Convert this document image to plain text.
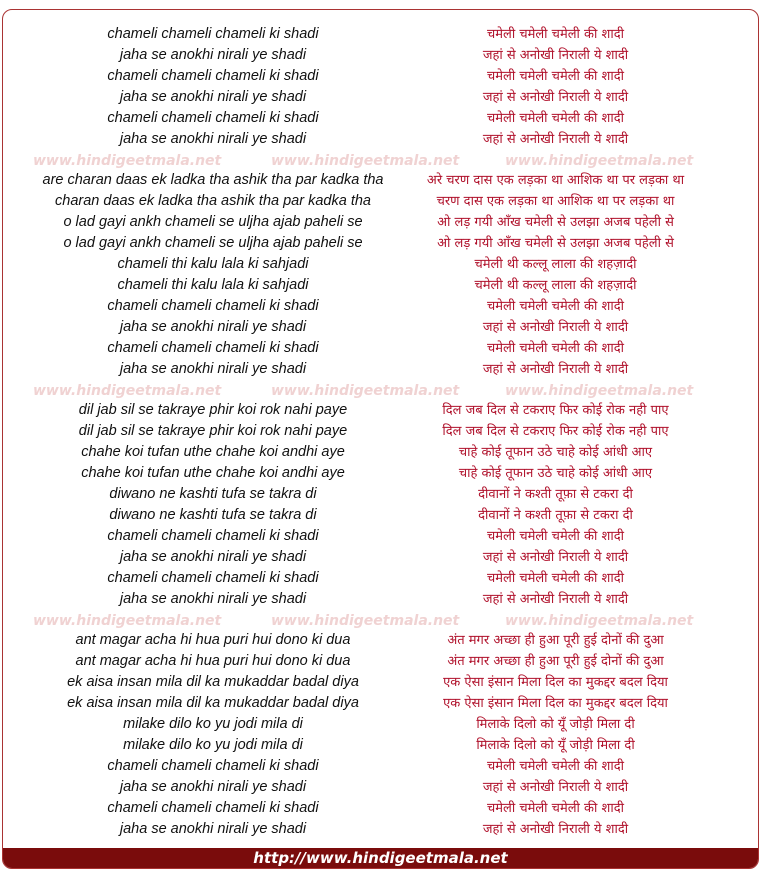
chameli chameli chameli ki shadi	चमेली चमेली चमेली की शादी
jaha se anokhi nirali ye shadi	जहां से अनोखी निराली ये शादी
chameli chameli chameli ki shadi	चमेली चमेली चमेली की शादी
jaha se anokhi nirali ye shadi	जहां से अनोखी निराली ये शादी
chameli chameli chameli ki shadi	चमेली चमेली चमेली की शादी
jaha se anokhi nirali ye shadi	जहां से अनोखी निराली ये शादी
www.hindigeetmala.net	www.hindigeetmala.net	www.hindigeetmala.net
are charan daas ek ladka tha ashik tha par kadka tha	अरे चरण दास एक लड़का था आशिक था पर लड़का था
charan daas ek ladka tha ashik tha par kadka tha	चरण दास एक लड़का था आशिक था पर लड़का था
o lad gayi ankh chameli se uljha ajab paheli se	ओ लड़ गयी आँख चमेली से उलझा अजब पहेली से
o lad gayi ankh chameli se uljha ajab paheli se	ओ लड़ गयी आँख चमेली से उलझा अजब पहेली से
chameli thi kalu lala ki sahjadi	चमेली थी कल्लू लाला की शहज़ादी
chameli thi kalu lala ki sahjadi	चमेली थी कल्लू लाला की शहज़ादी
chameli chameli chameli ki shadi	चमेली चमेली चमेली की शादी
jaha se anokhi nirali ye shadi	जहां से अनोखी निराली ये शादी
chameli chameli chameli ki shadi	चमेली चमेली चमेली की शादी
jaha se anokhi nirali ye shadi	जहां से अनोखी निराली ये शादी
www.hindigeetmala.net	www.hindigeetmala.net	www.hindigeetmala.net
dil jab sil se takraye phir koi rok nahi paye	दिल जब दिल से टकराए फिर कोई रोक नही पाए
dil jab sil se takraye phir koi rok nahi paye	दिल जब दिल से टकराए फिर कोई रोक नही पाए
chahe koi tufan uthe chahe koi andhi aye	चाहे कोई तूफान उठे चाहे कोई आंधी आए
chahe koi tufan uthe chahe koi andhi aye	चाहे कोई तूफान उठे चाहे कोई आंधी आए
diwano ne kashti tufa se takra di	दीवानों ने कश्ती तूफ़ा से टकरा दी
diwano ne kashti tufa se takra di	दीवानों ने कश्ती तूफ़ा से टकरा दी
chameli chameli chameli ki shadi	चमेली चमेली चमेली की शादी
jaha se anokhi nirali ye shadi	जहां से अनोखी निराली ये शादी
chameli chameli chameli ki shadi	चमेली चमेली चमेली की शादी
jaha se anokhi nirali ye shadi	जहां से अनोखी निराली ये शादी
www.hindigeetmala.net	www.hindigeetmala.net	www.hindigeetmala.net
ant magar acha hi hua puri hui dono ki dua	अंत मगर अच्छा ही हुआ पूरी हुई दोनों की दुआ
ant magar acha hi hua puri hui dono ki dua	अंत मगर अच्छा ही हुआ पूरी हुई दोनों की दुआ
ek aisa insan mila dil ka mukaddar badal diya	एक ऐसा इंसान मिला दिल का मुकद्दर बदल दिया
ek aisa insan mila dil ka mukaddar badal diya	एक ऐसा इंसान मिला दिल का मुकद्दर बदल दिया
milake dilo ko yu jodi mila di	मिलाके दिलो को यूँ जोड़ी मिला दी
milake dilo ko yu jodi mila di	मिलाके दिलो को यूँ जोड़ी मिला दी
chameli chameli chameli ki shadi	चमेली चमेली चमेली की शादी
jaha se anokhi nirali ye shadi	जहां से अनोखी निराली ये शादी
chameli chameli chameli ki shadi	चमेली चमेली चमेली की शादी
jaha se anokhi nirali ye shadi	जहां से अनोखी निराली ये शादी
http://www.hindigeetmala.net
